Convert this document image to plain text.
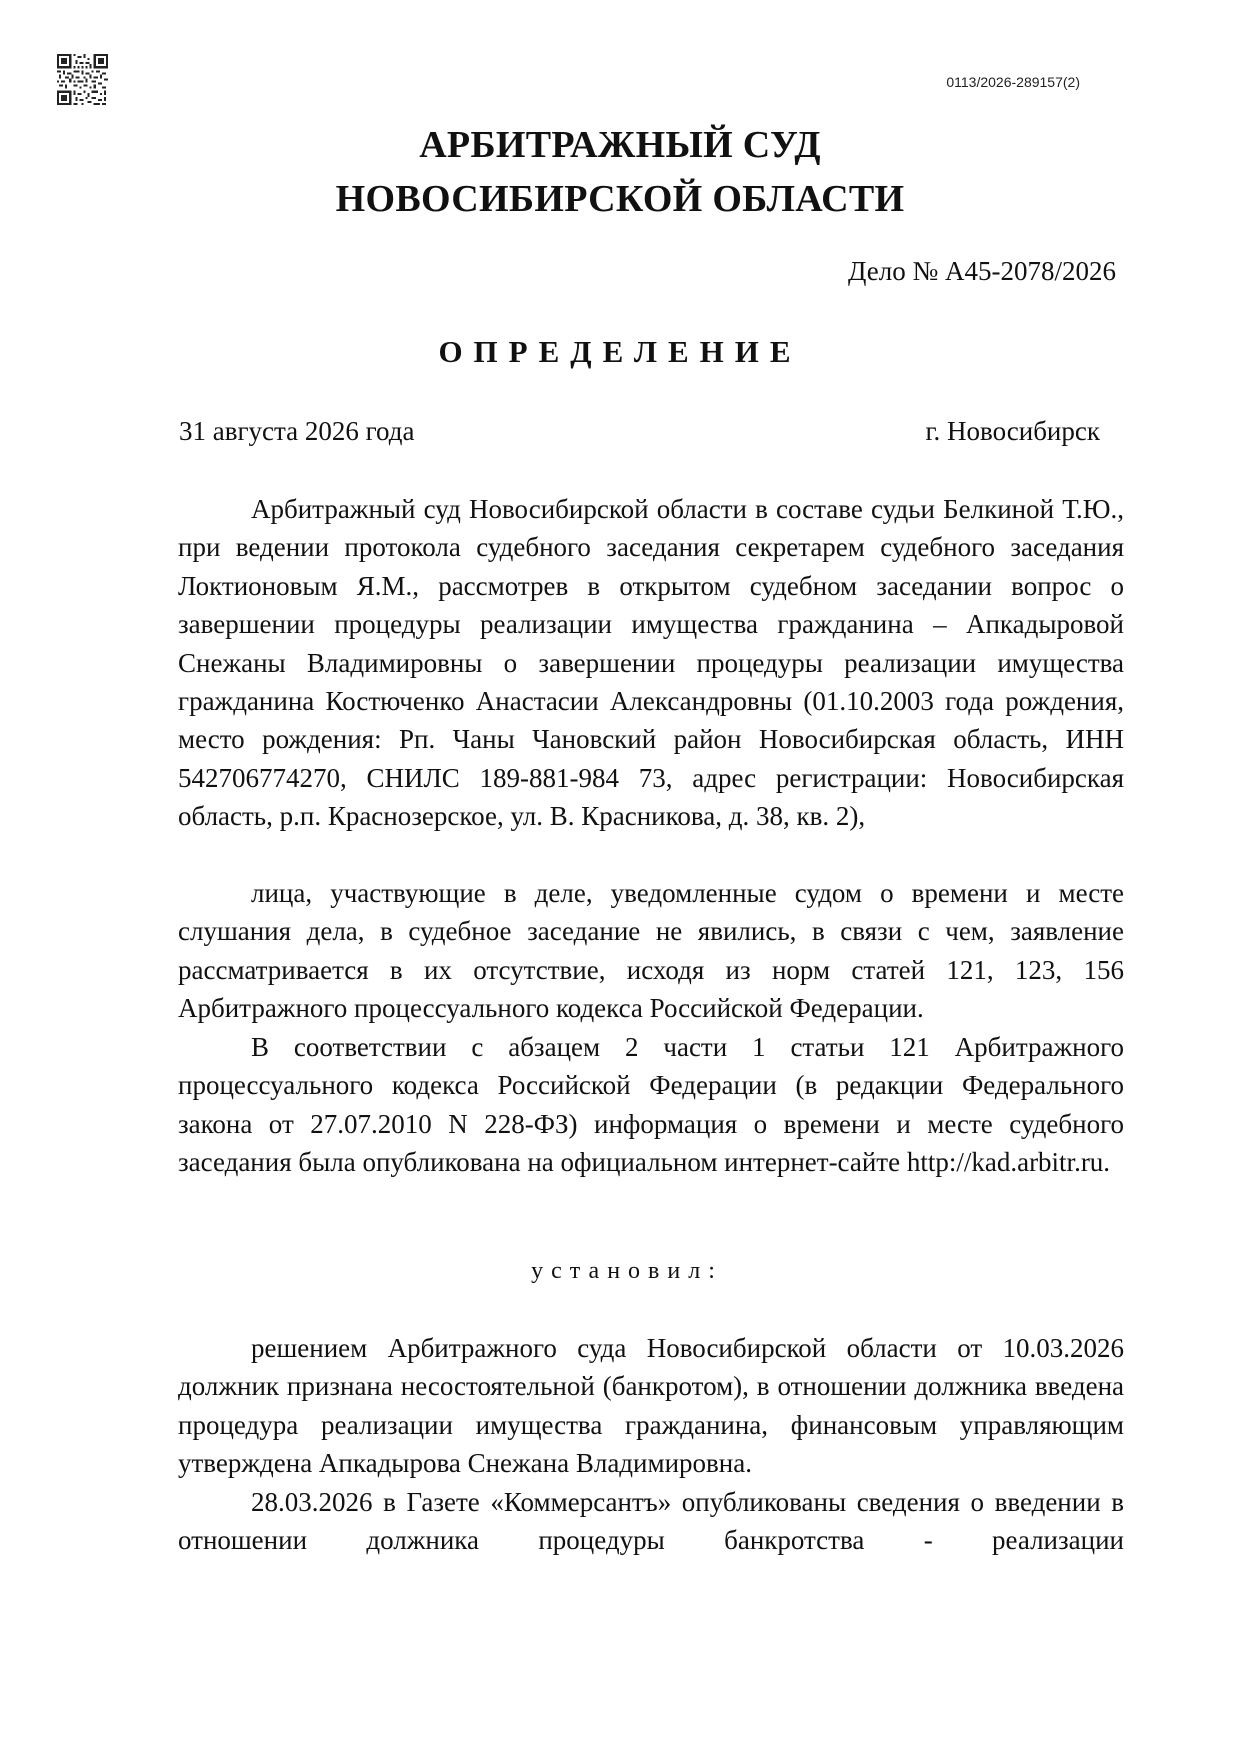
0113/2026-289157(2)
АРБИТРАЖНЫЙ СУД
НОВОСИБИРСКОЙ ОБЛАСТИ
Дело № А45-2078/2026
ОПРЕДЕЛЕНИЕ
31 августа 2026 года	г. Новосибирск

Арбитражный суд Новосибирской области в составе судьи Белкиной Т.Ю., при ведении протокола судебного заседания секретарем судебного заседания Локтионовым Я.М., рассмотрев в открытом судебном заседании вопрос о завершении процедуры реализации имущества гражданина – Апкадыровой Снежаны Владимировны о завершении процедуры реализации имущества гражданина Костюченко Анастасии Александровны (01.10.2003 года рождения, место рождения: Рп. Чаны Чановский район Новосибирская область, ИНН 542706774270, СНИЛС 189-881-984 73, адрес регистрации: Новосибирская область, р.п. Краснозерское, ул. В. Красникова, д. 38, кв. 2),

лица, участвующие в деле, уведомленные судом о времени и месте слушания дела, в судебное заседание не явились, в связи с чем, заявление рассматривается в их отсутствие, исходя из норм статей 121, 123, 156 Арбитражного процессуального кодекса Российской Федерации.

В соответствии с абзацем 2 части 1 статьи 121 Арбитражного процессуального кодекса Российской Федерации (в редакции Федерального закона от 27.07.2010 N 228-ФЗ) информация о времени и месте судебного заседания была опубликована на официальном интернет-сайте http://kad.arbitr.ru.

установил:

решением Арбитражного суда Новосибирской области от 10.03.2026 должник признана несостоятельной (банкротом), в отношении должника введена процедура реализации имущества гражданина, финансовым управляющим утверждена Апкадырова Снежана Владимировна.

28.03.2026 в Газете «Коммерсантъ» опубликованы сведения о введении в отношении должника процедуры банкротства - реализации
